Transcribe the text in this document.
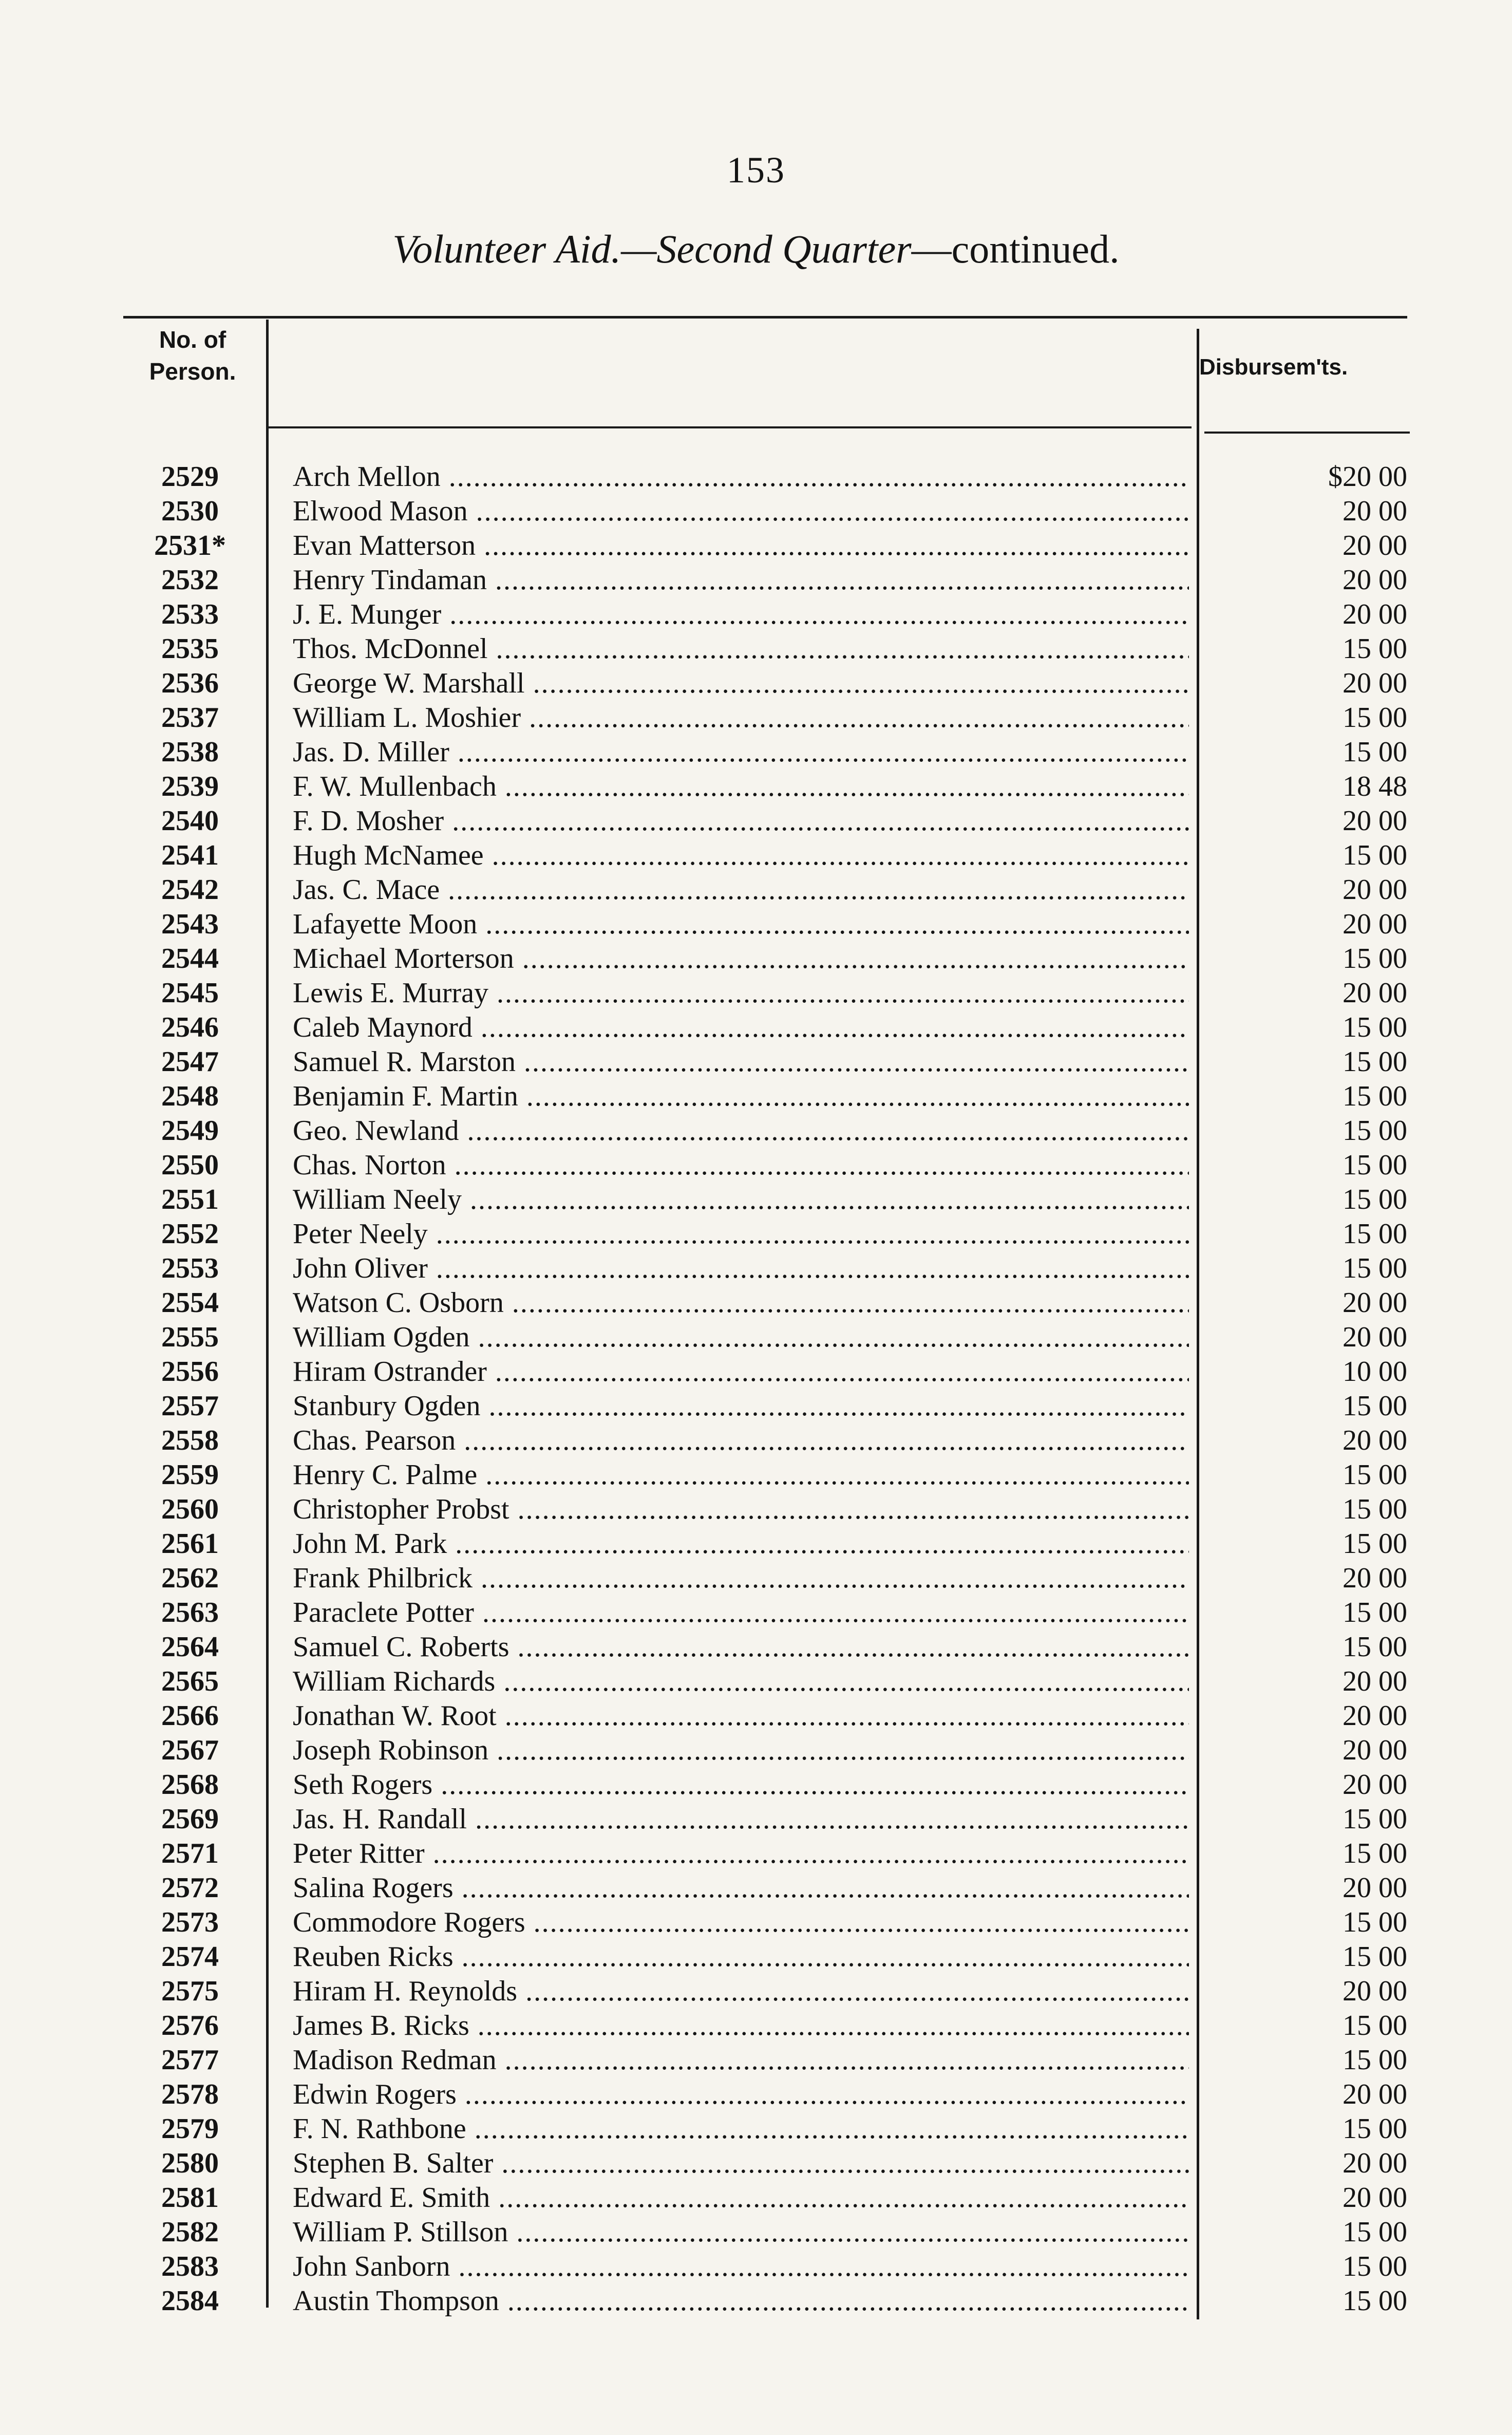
153
Volunteer Aid.—Second Quarter—continued.
No. of
Person.	Disbursem'ts.
2529	Arch Mellon .....	$20 00
2530	Elwood Mason .....	20 00
2531*	Evan Matterson .....	20 00
2532	Henry Tindaman .....	20 00
2533	J. E. Munger .....	20 00
2535	Thos. McDonnel .....	15 00
2536	George W. Marshall .....	20 00
2537	William L. Moshier .....	15 00
2538	Jas. D. Miller .....	15 00
2539	F. W. Mullenbach .....	18 48
2540	F. D. Mosher .....	20 00
2541	Hugh McNamee .....	15 00
2542	Jas. C. Mace .....	20 00
2543	Lafayette Moon .....	20 00
2544	Michael Morterson .....	15 00
2545	Lewis E. Murray .....	20 00
2546	Caleb Maynord .....	15 00
2547	Samuel R. Marston .....	15 00
2548	Benjamin F. Martin .....	15 00
2549	Geo. Newland .....	15 00
2550	Chas. Norton .....	15 00
2551	William Neely .....	15 00
2552	Peter Neely .....	15 00
2553	John Oliver .....	15 00
2554	Watson C. Osborn .....	20 00
2555	William Ogden .....	20 00
2556	Hiram Ostrander .....	10 00
2557	Stanbury Ogden .....	15 00
2558	Chas. Pearson .....	20 00
2559	Henry C. Palme .....	15 00
2560	Christopher Probst .....	15 00
2561	John M. Park .....	15 00
2562	Frank Philbrick .....	20 00
2563	Paraclete Potter .....	15 00
2564	Samuel C. Roberts .....	15 00
2565	William Richards .....	20 00
2566	Jonathan W. Root .....	20 00
2567	Joseph Robinson .....	20 00
2568	Seth Rogers .....	20 00
2569	Jas. H. Randall .....	15 00
2571	Peter Ritter .....	15 00
2572	Salina Rogers .....	20 00
2573	Commodore Rogers .....	15 00
2574	Reuben Ricks .....	15 00
2575	Hiram H. Reynolds .....	20 00
2576	James B. Ricks .....	15 00
2577	Madison Redman .....	15 00
2578	Edwin Rogers .....	20 00
2579	F. N. Rathbone .....	15 00
2580	Stephen B. Salter .....	20 00
2581	Edward E. Smith .....	20 00
2582	William P. Stillson .....	15 00
2583	John Sanborn .....	15 00
2584	Austin Thompson .....	15 00
